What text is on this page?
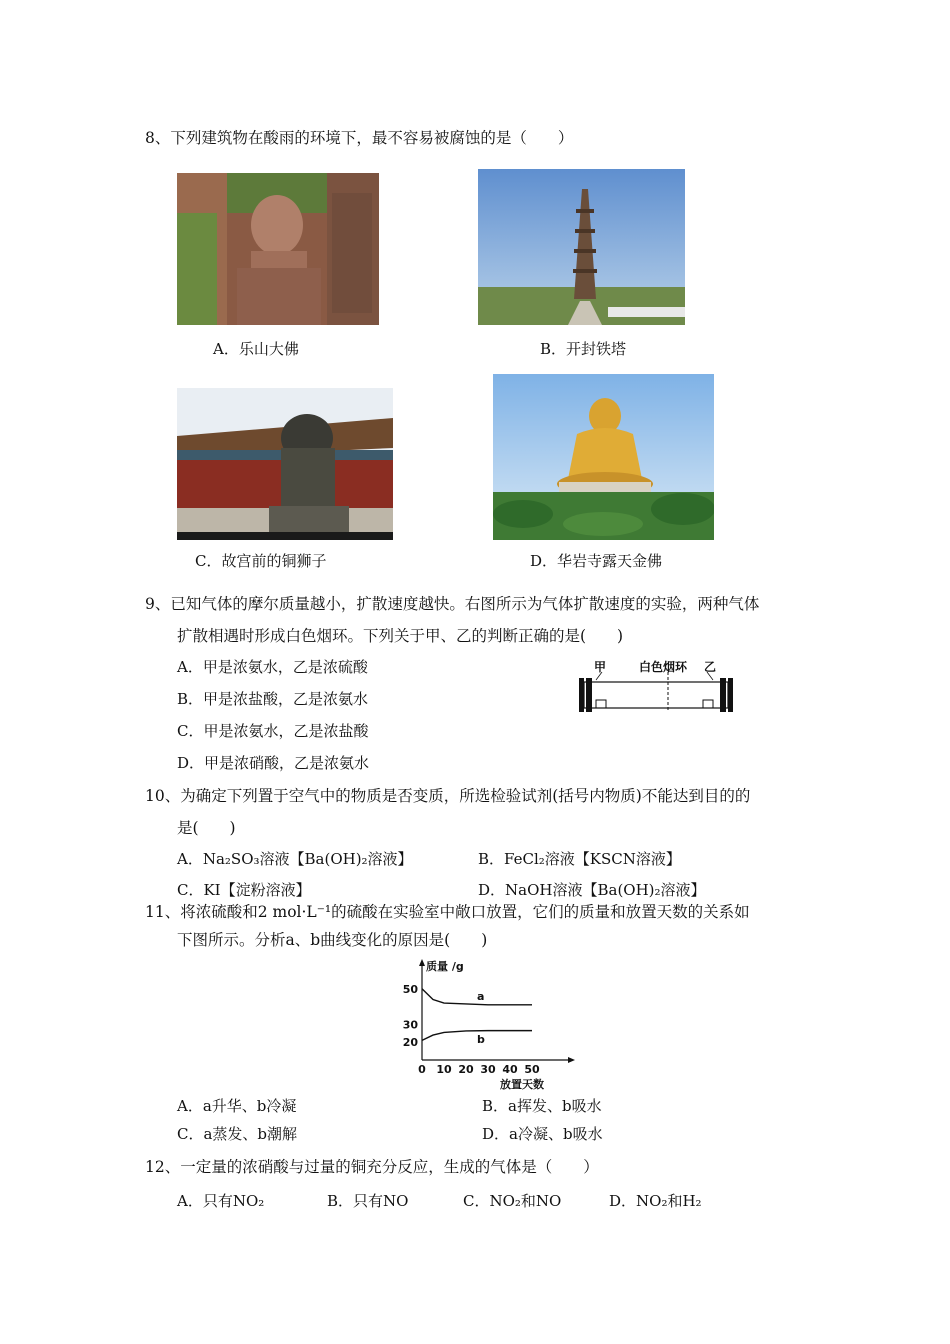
8、下列建筑物在酸雨的环境下，最不容易被腐蚀的是（　　）
A．乐山大佛	B．开封铁塔
C．故宫前的铜狮子	D．华岩寺露天金佛
9、已知气体的摩尔质量越小，扩散速度越快。右图所示为气体扩散速度的实验，两种气体
扩散相遇时形成白色烟环。下列关于甲、乙的判断正确的是(　　)
A．甲是浓氨水，乙是浓硫酸
B．甲是浓盐酸，乙是浓氨水
C．甲是浓氨水，乙是浓盐酸
D．甲是浓硝酸，乙是浓氨水
甲	白色烟环 乙
10、为确定下列置于空气中的物质是否变质，所选检验试剂(括号内物质)不能达到目的的
是(　　)
A．Na₂SO₃溶液【Ba(OH)₂溶液】	B．FeCl₂溶液【KSCN溶液】
C．KI【淀粉溶液】	D．NaOH溶液【Ba(OH)₂溶液】
11、将浓硫酸和2 mol·L⁻¹的硫酸在实验室中敞口放置，它们的质量和放置天数的关系如
下图所示。分析a、b曲线变化的原因是(　　)
质量 /g
放置天数
0 10 20 30 40 50
50
30
20
a
b
A．a升华、b冷凝	B．a挥发、b吸水
C．a蒸发、b潮解	D．a冷凝、b吸水
12、一定量的浓硝酸与过量的铜充分反应，生成的气体是（　　）
A．只有NO₂	B．只有NO	C．NO₂和NO	D．NO₂和H₂
